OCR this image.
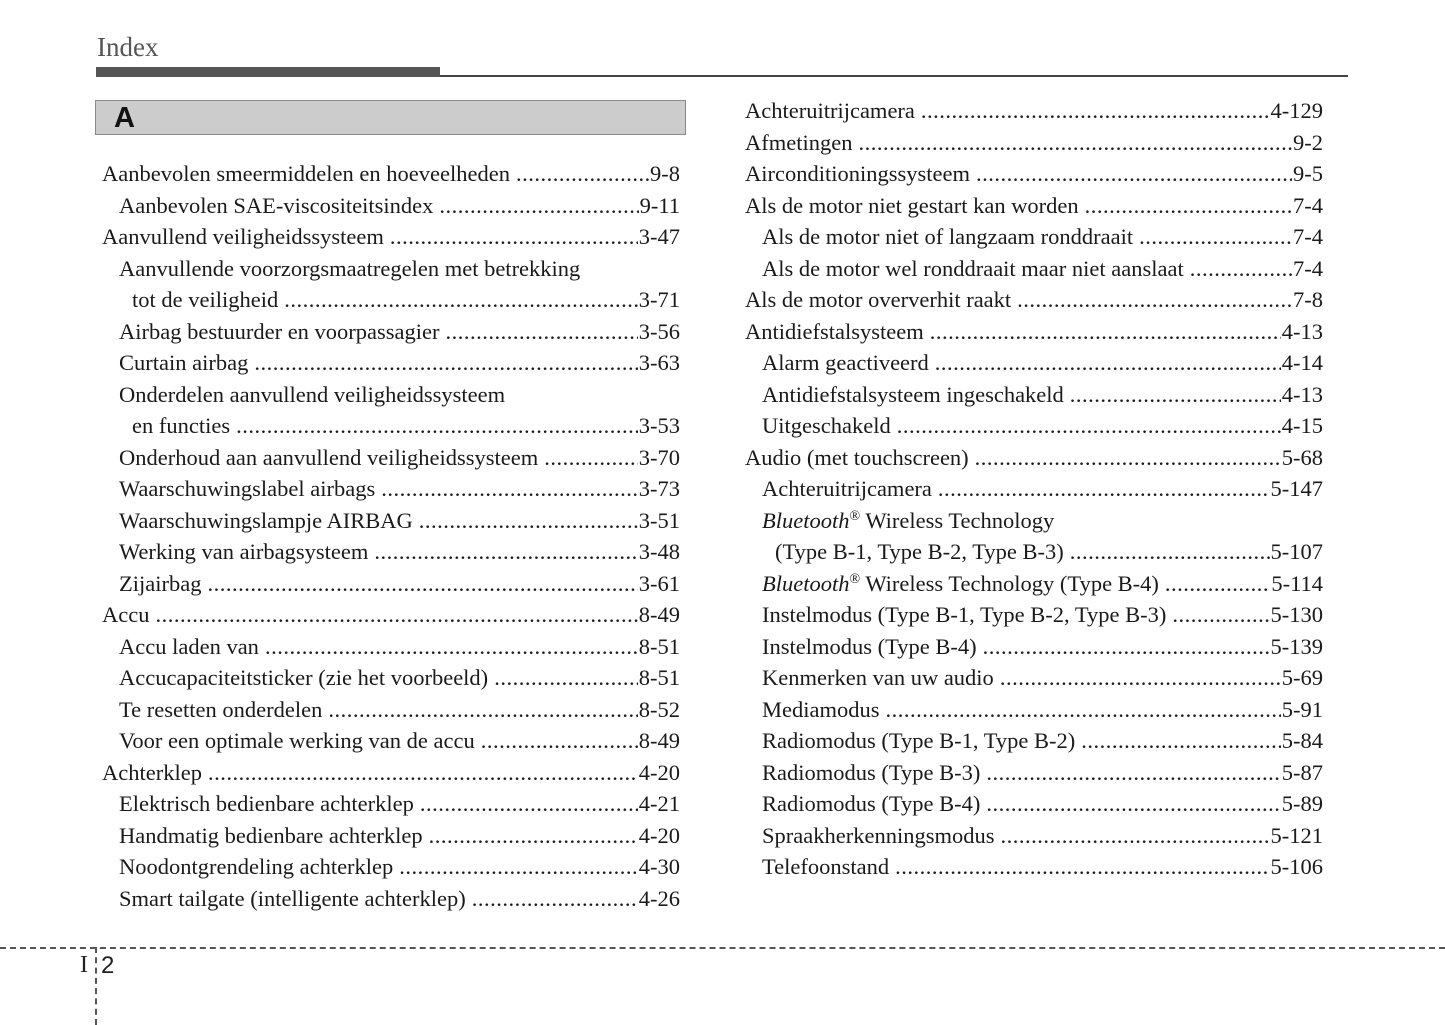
Index
A
Aanbevolen smeermiddelen en hoeveelheden .....	9-8
Aanbevolen SAE-viscositeitsindex .....	9-11
Aanvullend veiligheidssysteem .....	3-47
Aanvullende voorzorgsmaatregelen met betrekking
tot de veiligheid .....	3-71
Airbag bestuurder en voorpassagier .....	3-56
Curtain airbag .....	3-63
Onderdelen aanvullend veiligheidssysteem
en functies .....	3-53
Onderhoud aan aanvullend veiligheidssysteem .....	3-70
Waarschuwingslabel airbags .....	3-73
Waarschuwingslampje AIRBAG .....	3-51
Werking van airbagsysteem .....	3-48
Zijairbag .....	3-61
Accu .....	8-49
Accu laden van .....	8-51
Accucapaciteitsticker (zie het voorbeeld) .....	8-51
Te resetten onderdelen .....	8-52
Voor een optimale werking van de accu .....	8-49
Achterklep .....	4-20
Elektrisch bedienbare achterklep .....	4-21
Handmatig bedienbare achterklep .....	4-20
Noodontgrendeling achterklep .....	4-30
Smart tailgate (intelligente achterklep) .....	4-26
Achteruitrijcamera .....	4-129
Afmetingen .....	9-2
Airconditioningssysteem .....	9-5
Als de motor niet gestart kan worden .....	7-4
Als de motor niet of langzaam ronddraait .....	7-4
Als de motor wel ronddraait maar niet aanslaat .....	7-4
Als de motor oververhit raakt .....	7-8
Antidiefstalsysteem .....	4-13
Alarm geactiveerd .....	4-14
Antidiefstalsysteem ingeschakeld .....	4-13
Uitgeschakeld .....	4-15
Audio (met touchscreen) .....	5-68
Achteruitrijcamera .....	5-147
Bluetooth® Wireless Technology
(Type B-1, Type B-2, Type B-3) .....	5-107
Bluetooth® Wireless Technology (Type B-4) .....	5-114
Instelmodus (Type B-1, Type B-2, Type B-3) .....	5-130
Instelmodus (Type B-4) .....	5-139
Kenmerken van uw audio .....	5-69
Mediamodus .....	5-91
Radiomodus (Type B-1, Type B-2) .....	5-84
Radiomodus (Type B-3) .....	5-87
Radiomodus (Type B-4) .....	5-89
Spraakherkenningsmodus .....	5-121
Telefoonstand .....	5-106
I 2
